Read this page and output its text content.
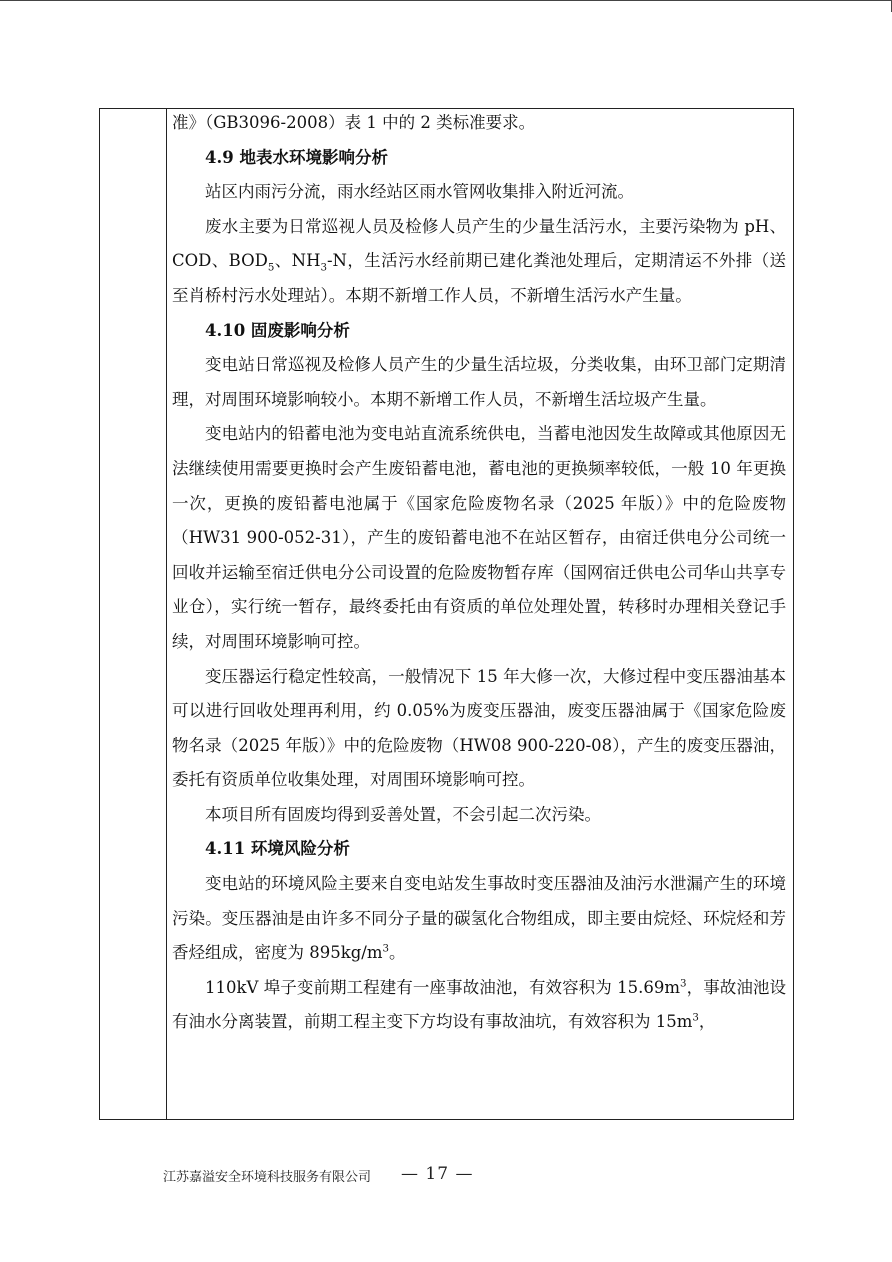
准》（GB3096-2008）表 1 中的 2 类标准要求。

4.9 地表水环境影响分析

站区内雨污分流，雨水经站区雨水管网收集排入附近河流。

废水主要为日常巡视人员及检修人员产生的少量生活污水，主要污染物为 pH、COD、$BOD_5$、$NH_3-N$，生活污水经前期已建化粪池处理后，定期清运不外排（送至肖桥村污水处理站）。本期不新增工作人员，不新增生活污水产生量。

4.10 固废影响分析

变电站日常巡视及检修人员产生的少量生活垃圾，分类收集，由环卫部门定期清理，对周围环境影响较小。本期不新增工作人员，不新增生活垃圾产生量。

变电站内的铅蓄电池为变电站直流系统供电，当蓄电池因发生故障或其他原因无法继续使用需要更换时会产生废铅蓄电池，蓄电池的更换频率较低，一般 10 年更换一次，更换的废铅蓄电池属于《国家危险废物名录（2025 年版）》中的危险废物（HW31 900-052-31），产生的废铅蓄电池不在站区暂存，由宿迁供电分公司统一回收并运输至宿迁供电分公司设置的危险废物暂存库（国网宿迁供电公司华山共享专业仓），实行统一暂存，最终委托由有资质的单位处理处置，转移时办理相关登记手续，对周围环境影响可控。

变压器运行稳定性较高，一般情况下 15 年大修一次，大修过程中变压器油基本可以进行回收处理再利用，约 0.05%为废变压器油，废变压器油属于《国家危险废物名录（2025 年版）》中的危险废物（HW08 900-220-08），产生的废变压器油，委托有资质单位收集处理，对周围环境影响可控。

本项目所有固废均得到妥善处置，不会引起二次污染。

4.11 环境风险分析

变电站的环境风险主要来自变电站发生事故时变压器油及油污水泄漏产生的环境污染。变压器油是由许多不同分子量的碳氢化合物组成，即主要由烷烃、环烷烃和芳香烃组成，密度为 $895kg/m^3$。

110kV 埠子变前期工程建有一座事故油池，有效容积为 $15.69m^3$，事故油池设有油水分离装置，前期工程主变下方均设有事故油坑，有效容积为 $15m^3$，

江苏嘉溢安全环境科技服务有限公司 — 17 —
